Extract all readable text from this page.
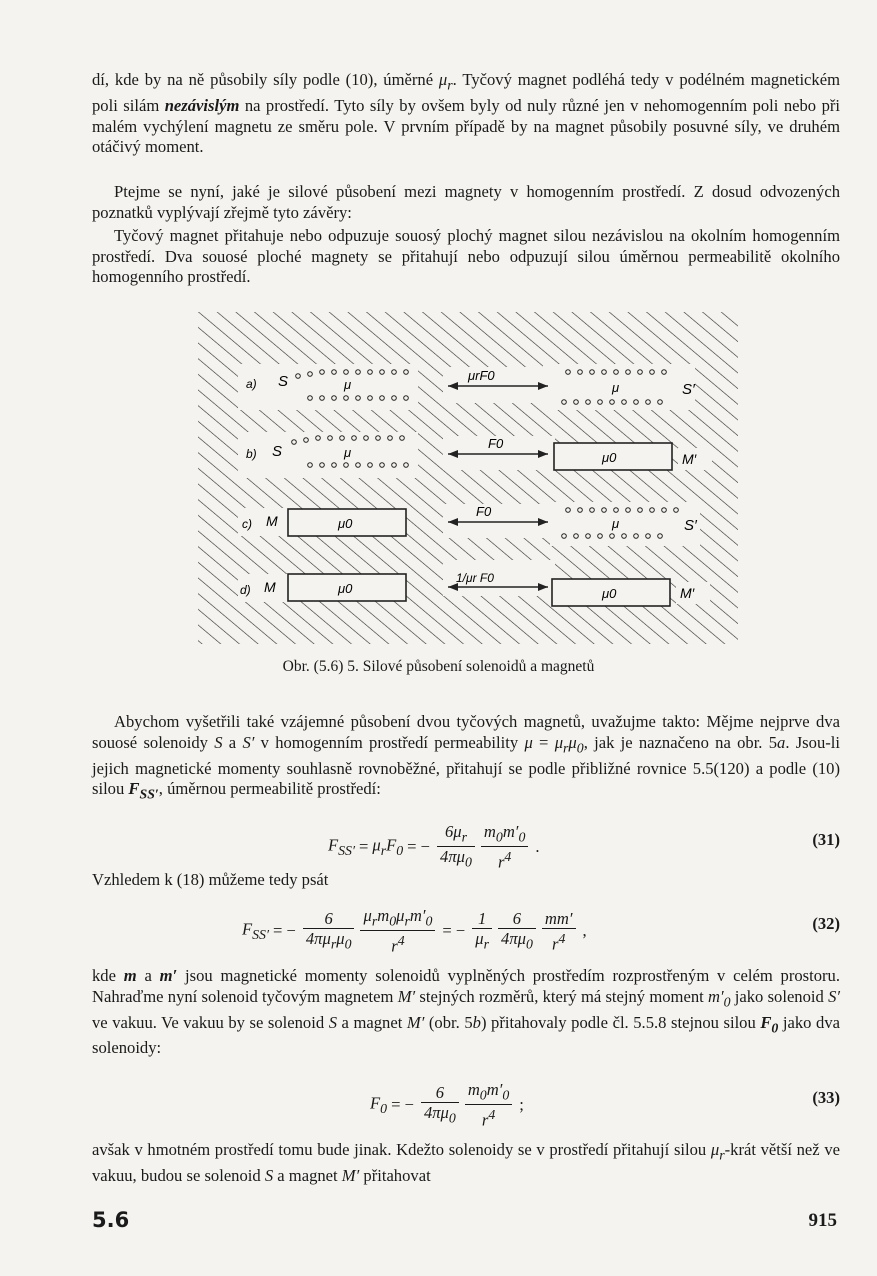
dí, kde by na ně působily síly podle (10), úměrné $\mu_r$. Tyčový magnet podléhá tedy v podélném magnetickém poli silám nezávislým na prostředí. Tyto síly by ovšem byly od nuly různé jen v nehomogenním poli nebo při malém vychýlení magnetu ze směru pole. V prvním případě by na magnet působily posuvné síly, ve druhém otáčivý moment.

Ptejme se nyní, jaké je silové působení mezi magnety v homogenním prostředí. Z dosud odvozených poznatků vyplývají zřejmě tyto závěry:

Tyčový magnet přitahuje nebo odpuzuje souosý plochý magnet silou nezávislou na okolním homogenním prostředí. Dva souosé ploché magnety se přitahují nebo odpuzují silou úměrnou permeabilitě okolního homogenního prostředí.

a) S	μ
μrF0
μ	S′
b) S	μ
F0
μ0	M′
c) M	μ0
F0
μ	S′
d) M	μ0
1/μr F0
μ0	M′
Obr. (5.6) 5. Silové působení solenoidů a magnetů

Abychom vyšetřili také vzájemné působení dvou tyčových magnetů, uvažujme takto: Mějme nejprve dva souosé solenoidy S a S′ v homogenním prostředí permeability $\mu = \mu_r\mu_0$, jak je naznačeno na obr. 5a. Jsou-li jejich magnetické momenty souhlasně rovnoběžné, přitahují se podle přibližné rovnice 5.5(120) a podle (10) silou $F_{SS'}$, úměrnou permeabilitě prostředí:

$F_{SS'} = \mu_rF_0$ = − $\frac{6\mu_r}{4\pi\mu_0} \frac{m_0m'_0}{r^4}$ .	(31)

Vzhledem k (18) můžeme tedy psát

$F_{SS'}$ = − $\frac{6}{4\pi\mu_r\mu_0} \frac{\mu_rm_0\mu_rm'_0}{r^4}$ = − $\frac{1}{\mu_r} \frac{6}{4\pi\mu_0} \frac{mm'}{r^4}$ ,	(32)

kde m a m′ jsou magnetické momenty solenoidů vyplněných prostředím rozprostřeným v celém prostoru. Nahraďme nyní solenoid tyčovým magnetem M′ stejných rozměrů, který má stejný moment $m'_0$ jako solenoid S′ ve vakuu. Ve vakuu by se solenoid S a magnet M′ (obr. 5b) přitahovaly podle čl. 5.5.8 stejnou silou $F_0$ jako dva solenoidy:

$F_0$ = − $\frac{6}{4\pi\mu_0} \frac{m_0m'_0}{r^4}$ ;	(33)

avšak v hmotném prostředí tomu bude jinak. Kdežto solenoidy se v prostředí přitahují silou $\mu_r$-krát větší než ve vakuu, budou se solenoid S a magnet M′ přitahovat

5.6	915
